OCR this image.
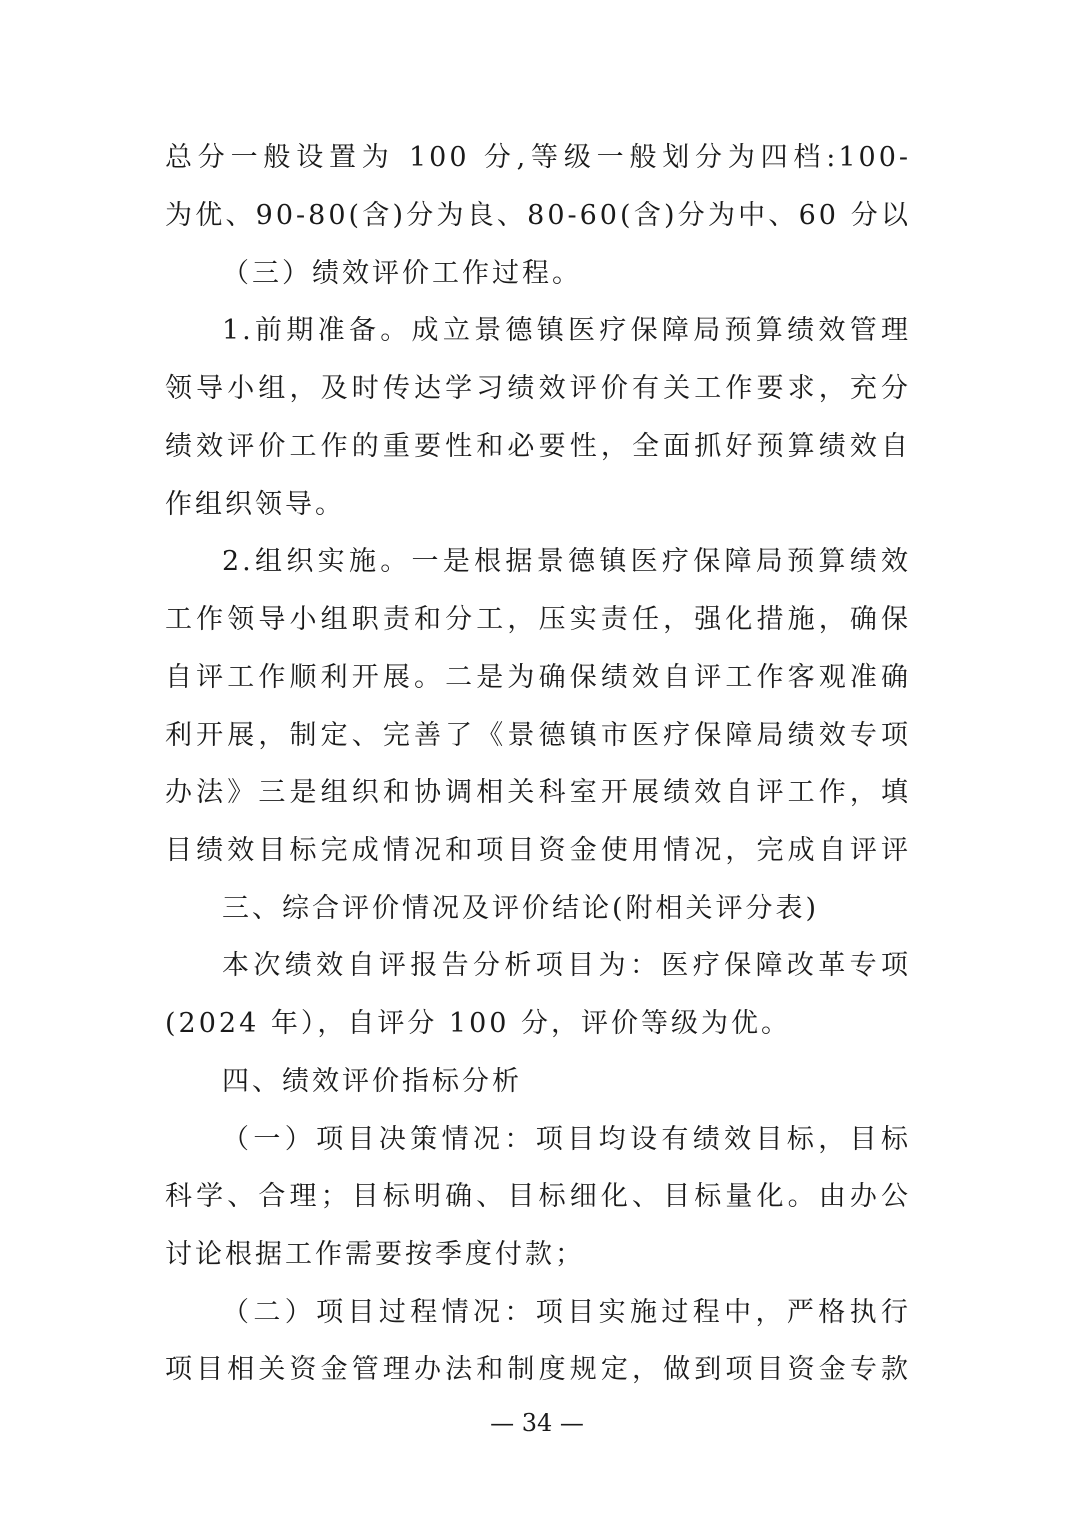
总分一般设置为 100 分,等级一般划分为四档:100-
为优、90-80(含)分为良、80-60(含)分为中、60 分以
（三）绩效评价工作过程。
1.前期准备。成立景德镇医疗保障局预算绩效管理
领导小组，及时传达学习绩效评价有关工作要求，充分
绩效评价工作的重要性和必要性，全面抓好预算绩效自
作组织领导。
2.组织实施。一是根据景德镇医疗保障局预算绩效
工作领导小组职责和分工，压实责任，强化措施，确保
自评工作顺利开展。二是为确保绩效自评工作客观准确
利开展，制定、完善了《景德镇市医疗保障局绩效专项
办法》三是组织和协调相关科室开展绩效自评工作，填
目绩效目标完成情况和项目资金使用情况，完成自评评
三、综合评价情况及评价结论(附相关评分表)
本次绩效自评报告分析项目为：医疗保障改革专项
(2024 年），自评分 100 分，评价等级为优。
四、绩效评价指标分析
（一）项目决策情况：项目均设有绩效目标，目标
科学、合理；目标明确、目标细化、目标量化。由办公
讨论根据工作需要按季度付款；
（二）项目过程情况：项目实施过程中，严格执行
项目相关资金管理办法和制度规定，做到项目资金专款
— 34 —
